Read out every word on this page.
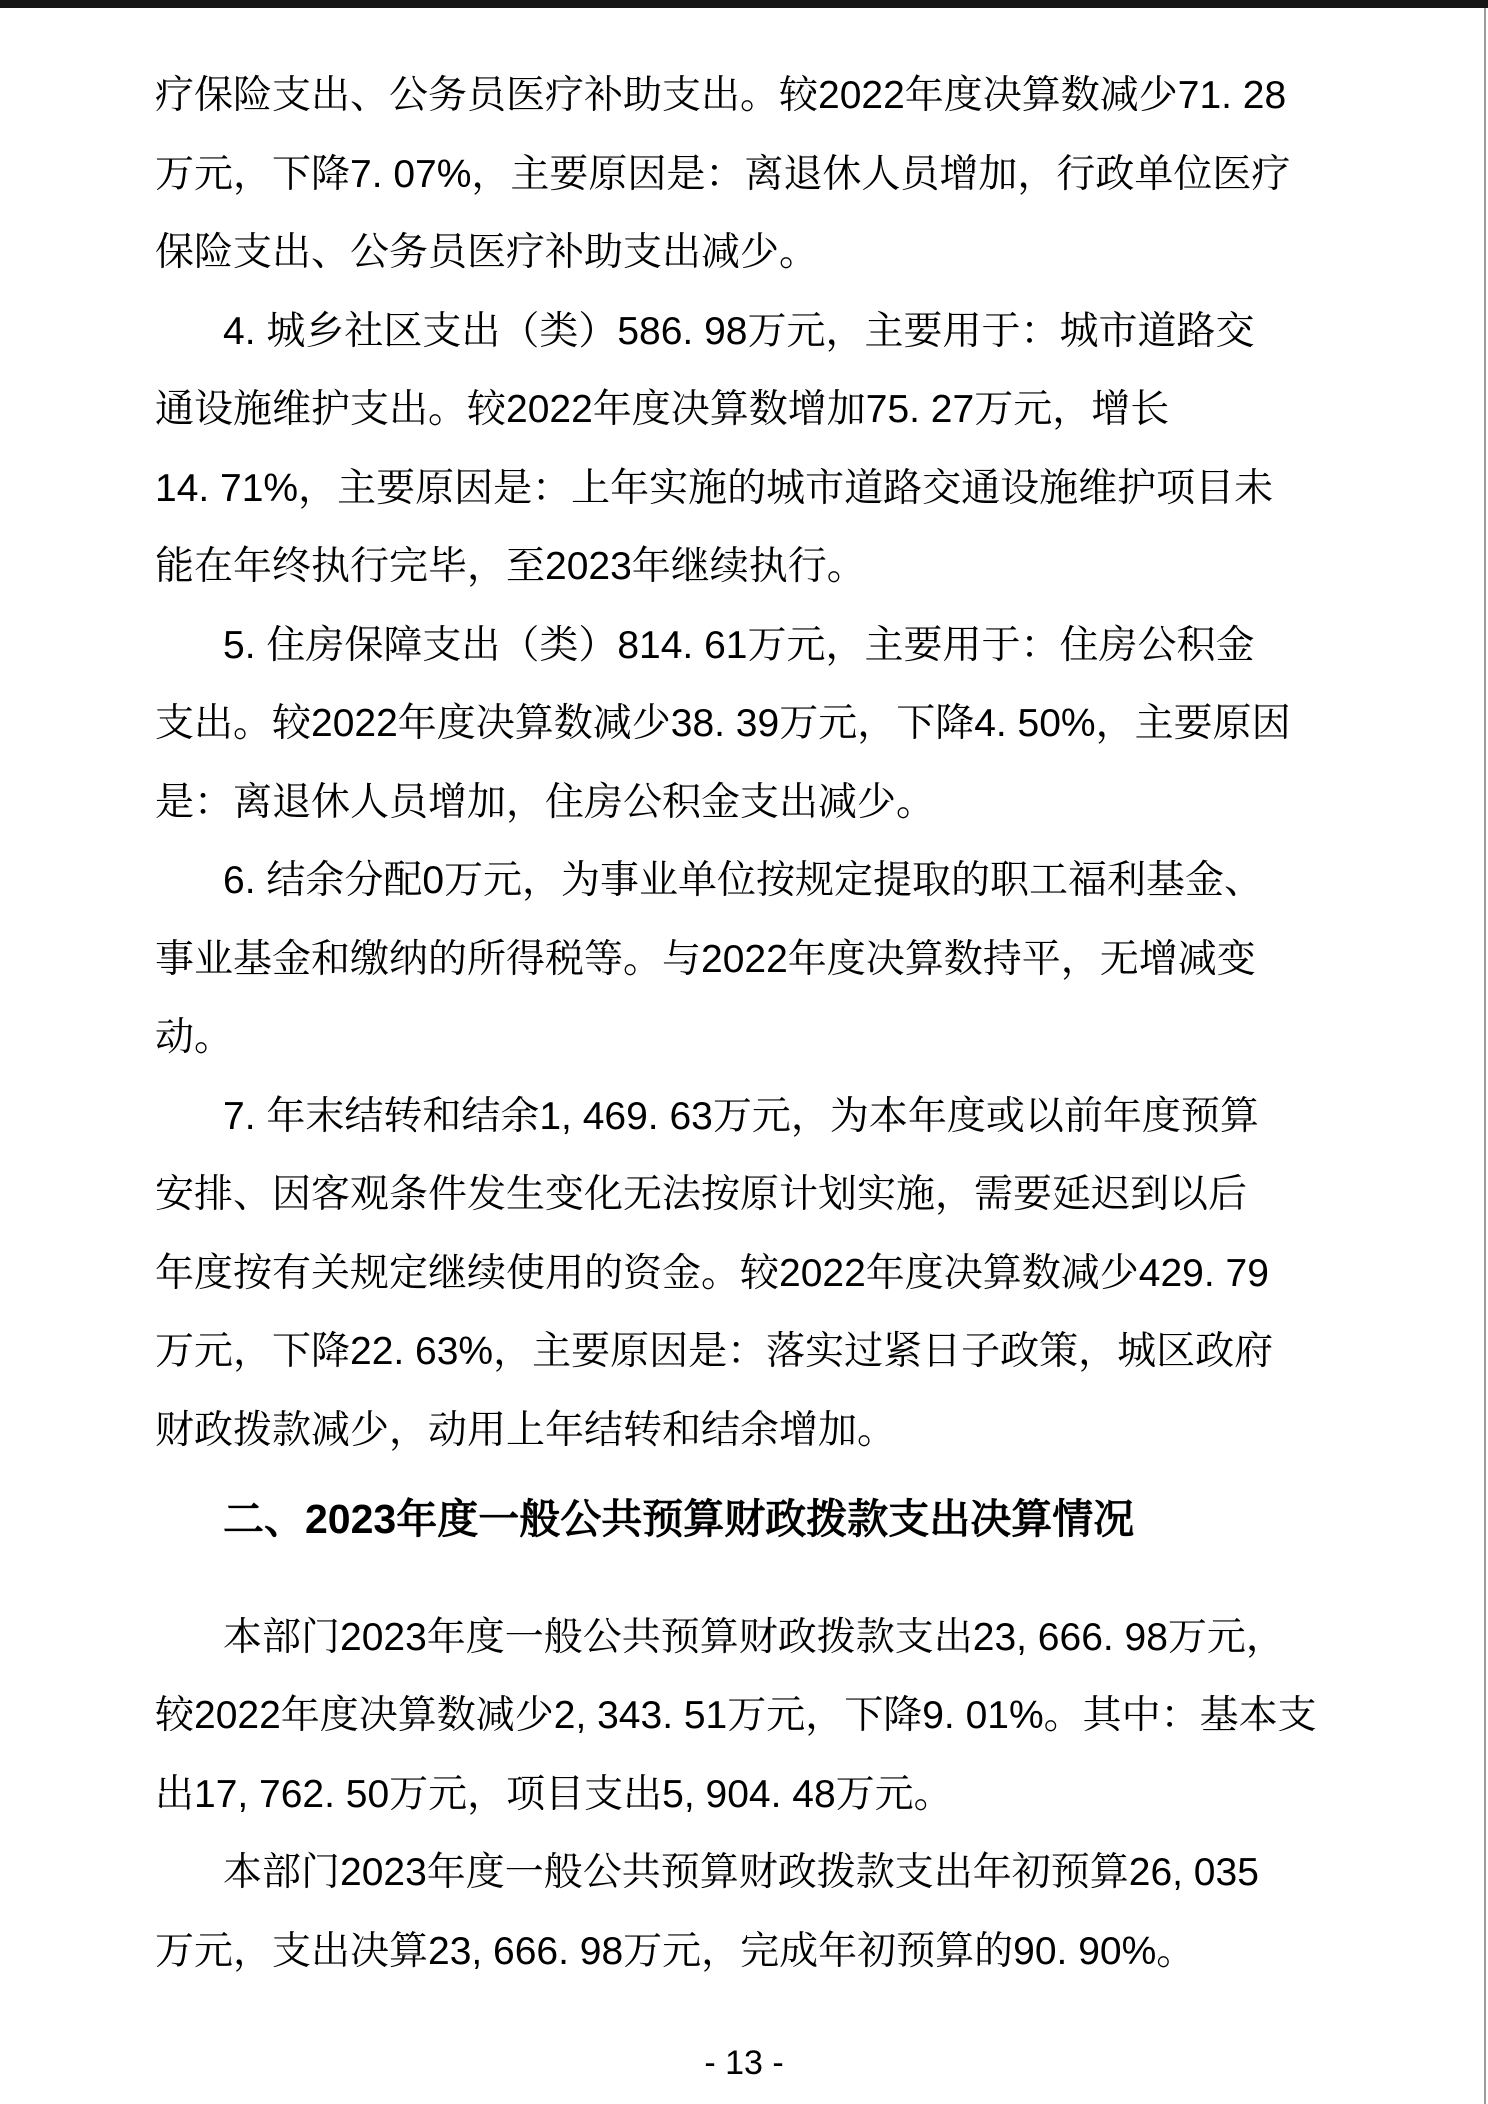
疗保险支出、公务员医疗补助支出。较2022年度决算数减少71. 28
万元，下降7. 07%，主要原因是：离退休人员增加，行政单位医疗
保险支出、公务员医疗补助支出减少。
4. 城乡社区支出（类）586. 98万元，主要用于：城市道路交
通设施维护支出。较2022年度决算数增加75. 27万元，增长
14. 71%，主要原因是：上年实施的城市道路交通设施维护项目未
能在年终执行完毕，至2023年继续执行。
5. 住房保障支出（类）814. 61万元，主要用于：住房公积金
支出。较2022年度决算数减少38. 39万元，下降4. 50%，主要原因
是：离退休人员增加，住房公积金支出减少。
6. 结余分配0万元，为事业单位按规定提取的职工福利基金、
事业基金和缴纳的所得税等。与2022年度决算数持平，无增减变
动。
7. 年末结转和结余1, 469. 63万元，为本年度或以前年度预算
安排、因客观条件发生变化无法按原计划实施，需要延迟到以后
年度按有关规定继续使用的资金。较2022年度决算数减少429. 79
万元，下降22. 63%，主要原因是：落实过紧日子政策，城区政府
财政拨款减少，动用上年结转和结余增加。
二、2023年度一般公共预算财政拨款支出决算情况
本部门2023年度一般公共预算财政拨款支出23, 666. 98万元，
较2022年度决算数减少2, 343. 51万元，下降9. 01%。其中：基本支
出17, 762. 50万元，项目支出5, 904. 48万元。
本部门2023年度一般公共预算财政拨款支出年初预算26, 035
万元，支出决算23, 666. 98万元，完成年初预算的90. 90%。
- 13 -
